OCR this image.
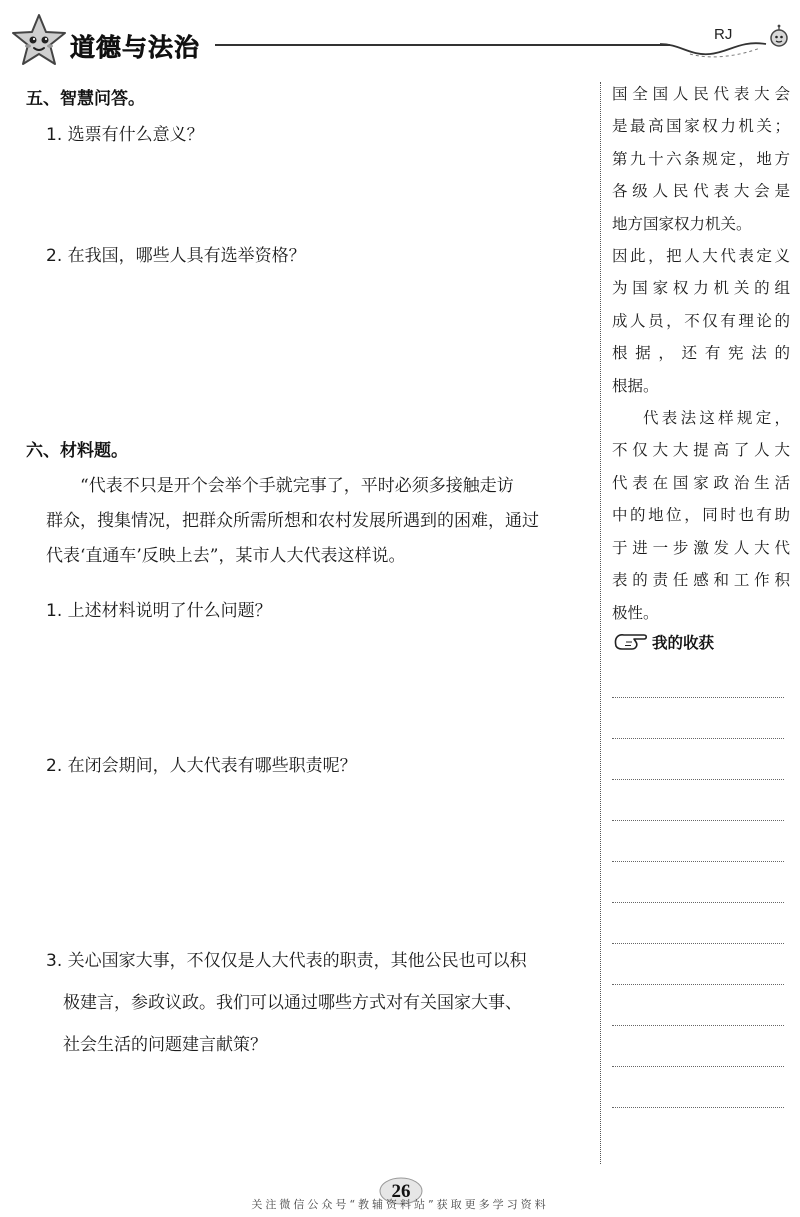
道德与法治	RJ
五、智慧问答。
1. 选票有什么意义？
2. 在我国，哪些人具有选举资格？
六、材料题。

“代表不只是开个会举个手就完事了，平时必须多接触走访

群众，搜集情况，把群众所需所想和农村发展所遇到的困难，通过

代表‘直通车’反映上去”，某市人大代表这样说。

1. 上述材料说明了什么问题？
2. 在闭会期间，人大代表有哪些职责呢？

3. 关心国家大事，不仅仅是人大代表的职责，其他公民也可以积

极建言，参政议政。我们可以通过哪些方式对有关国家大事、

社会生活的问题建言献策？

国全国人民代表大会
是最高国家权力机关；
第九十六条规定，地方
各级人民代表大会是
地方国家权力机关。
因此，把人大代表定义
为国家权力机关的组
成人员，不仅有理论的
根据，还有宪法的
根据。
代表法这样规定，
不仅大大提高了人大
代表在国家政治生活
中的地位，同时也有助
于进一步激发人大代
表的责任感和工作积
极性。
我的收获
26
关注微信公众号“教辅资料站”获取更多学习资料
